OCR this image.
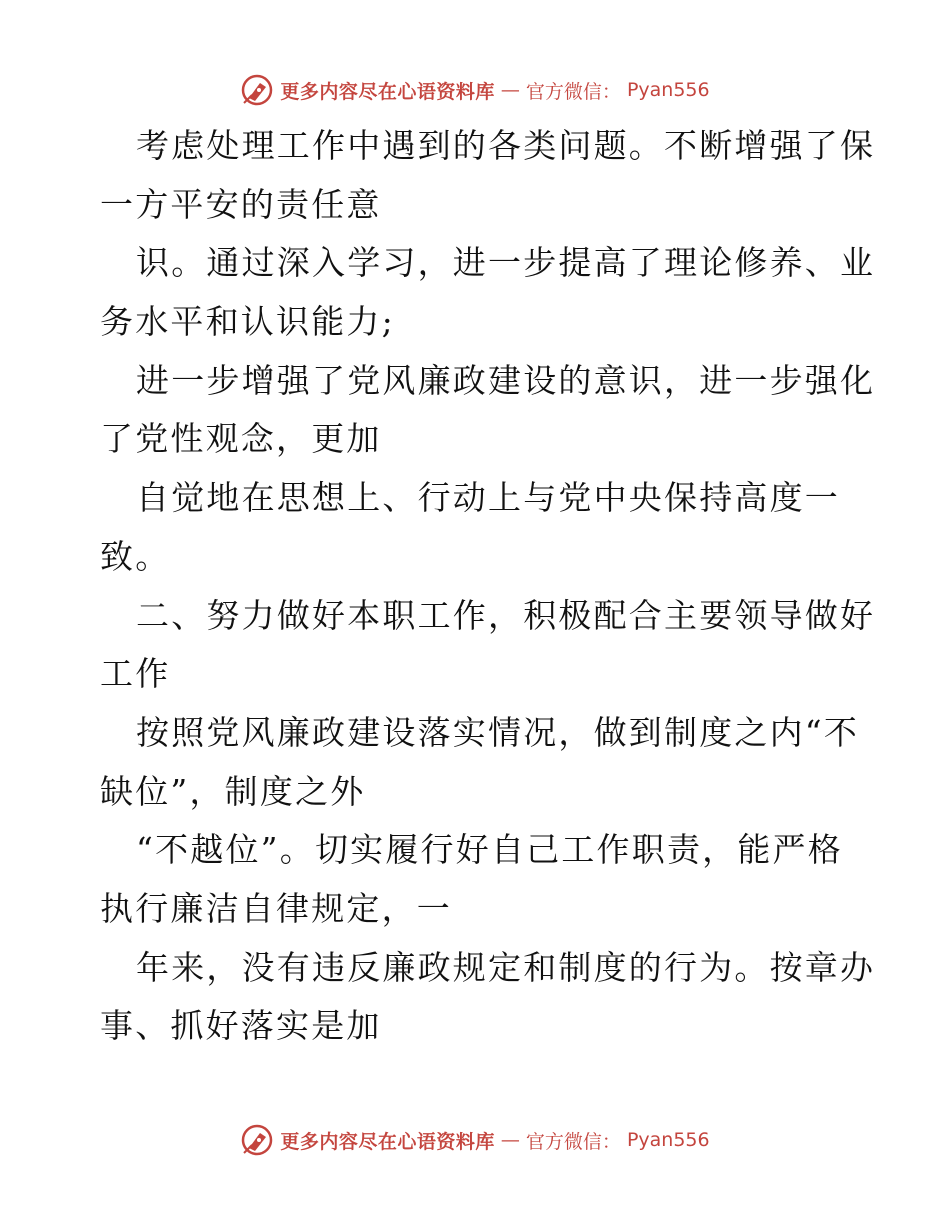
更多内容尽在心语资料库 — 官方微信： Pyan556
考虑处理工作中遇到的各类问题。不断增强了保
一方平安的责任意
识。通过深入学习，进一步提高了理论修养、业
务水平和认识能力;
进一步增强了党风廉政建设的意识，进一步强化
了党性观念，更加
自觉地在思想上、行动上与党中央保持高度一
致。
二、努力做好本职工作，积极配合主要领导做好
工作
按照党风廉政建设落实情况，做到制度之内“不
缺位”，制度之外
“不越位”。切实履行好自己工作职责，能严格
执行廉洁自律规定，一
年来，没有违反廉政规定和制度的行为。按章办
事、抓好落实是加
更多内容尽在心语资料库 — 官方微信： Pyan556
